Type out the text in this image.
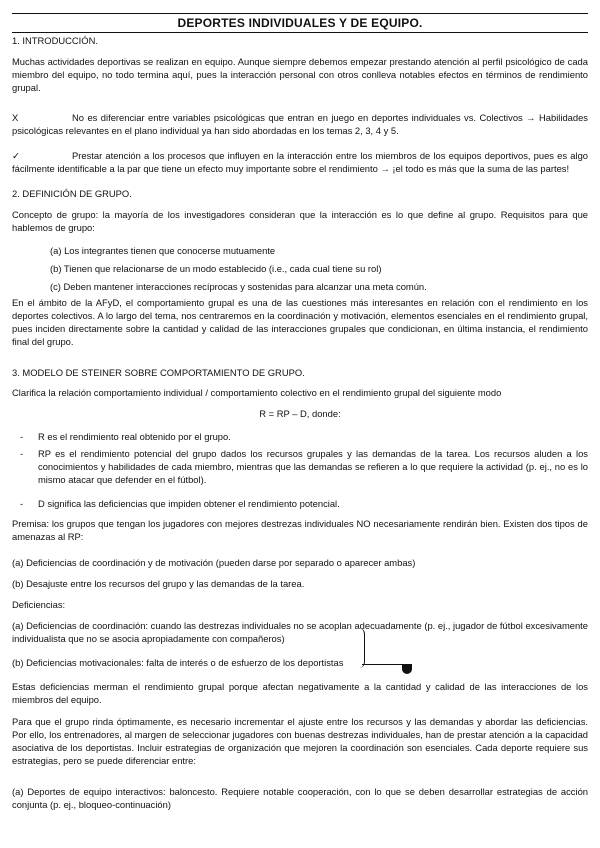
DEPORTES INDIVIDUALES Y DE EQUIPO.
1. INTRODUCCIÓN.
Muchas actividades deportivas se realizan en equipo. Aunque siempre debemos empezar prestando atención al perfil psicológico de cada miembro del equipo, no todo termina aquí, pues la interacción personal con otros conlleva notables efectos en términos de rendimiento grupal.
X	No es diferenciar entre variables psicológicas que entran en juego en deportes individuales vs. Colectivos → Habilidades psicológicas relevantes en el plano individual ya han sido abordadas en los temas 2, 3, 4 y 5.
✓	Prestar atención a los procesos que influyen en la interacción entre los miembros de los equipos deportivos, pues es algo fácilmente identificable a la par que tiene un efecto muy importante sobre el rendimiento → ¡el todo es más que la suma de las partes!
2. DEFINICIÓN DE GRUPO.
Concepto de grupo: la mayoría de los investigadores consideran que la interacción es lo que define al grupo. Requisitos para que hablemos de grupo:
(a) Los integrantes tienen que conocerse mutuamente
(b) Tienen que relacionarse de un modo establecido (i.e., cada cual tiene su rol)
(c) Deben mantener interacciones recíprocas y sostenidas para alcanzar una meta común.
En el ámbito de la AFyD, el comportamiento grupal es una de las cuestiones más interesantes en relación con el rendimiento en los deportes colectivos. A lo largo del tema, nos centraremos en la coordinación y motivación, elementos esenciales en el rendimiento grupal, pues inciden directamente sobre la cantidad y calidad de las interacciones grupales que condicionan, en última instancia, el rendimiento final del grupo.
3. MODELO DE STEINER SOBRE COMPORTAMIENTO DE GRUPO.
Clarifica la relación comportamiento individual / comportamiento colectivo en el rendimiento grupal del siguiente modo
R = RP – D, donde:
- R es el rendimiento real obtenido por el grupo.
- RP es el rendimiento potencial del grupo dados los recursos grupales y las demandas de la tarea. Los recursos aluden a los conocimientos y habilidades de cada miembro, mientras que las demandas se refieren a lo que requiere la actividad (p. ej., no es lo mismo atacar que defender en el fútbol).
- D significa las deficiencias que impiden obtener el rendimiento potencial.
Premisa: los grupos que tengan los jugadores con mejores destrezas individuales NO necesariamente rendirán bien. Existen dos tipos de amenazas al RP:
(a) Deficiencias de coordinación y de motivación (pueden darse por separado o aparecer ambas)
(b) Desajuste entre los recursos del grupo y las demandas de la tarea.
Deficiencias:
(a) Deficiencias de coordinación: cuando las destrezas individuales no se acoplan adecuadamente (p. ej., jugador de fútbol excesivamente individualista que no se asocia apropiadamente con compañeros)
(b) Deficiencias motivacionales: falta de interés o de esfuerzo de los deportistas
Estas deficiencias merman el rendimiento grupal porque afectan negativamente a la cantidad y calidad de las interacciones de los miembros del equipo.
Para que el grupo rinda óptimamente, es necesario incrementar el ajuste entre los recursos y las demandas y abordar las deficiencias. Por ello, los entrenadores, al margen de seleccionar jugadores con buenas destrezas individuales, han de prestar atención a la capacidad asociativa de los deportistas. Incluir estrategias de organización que mejoren la coordinación son esenciales. Cada deporte requiere sus estrategias, pero se puede diferenciar entre:
(a) Deportes de equipo interactivos: baloncesto. Requiere notable cooperación, con lo que se deben desarrollar estrategias de acción conjunta (p. ej., bloqueo-continuación)
